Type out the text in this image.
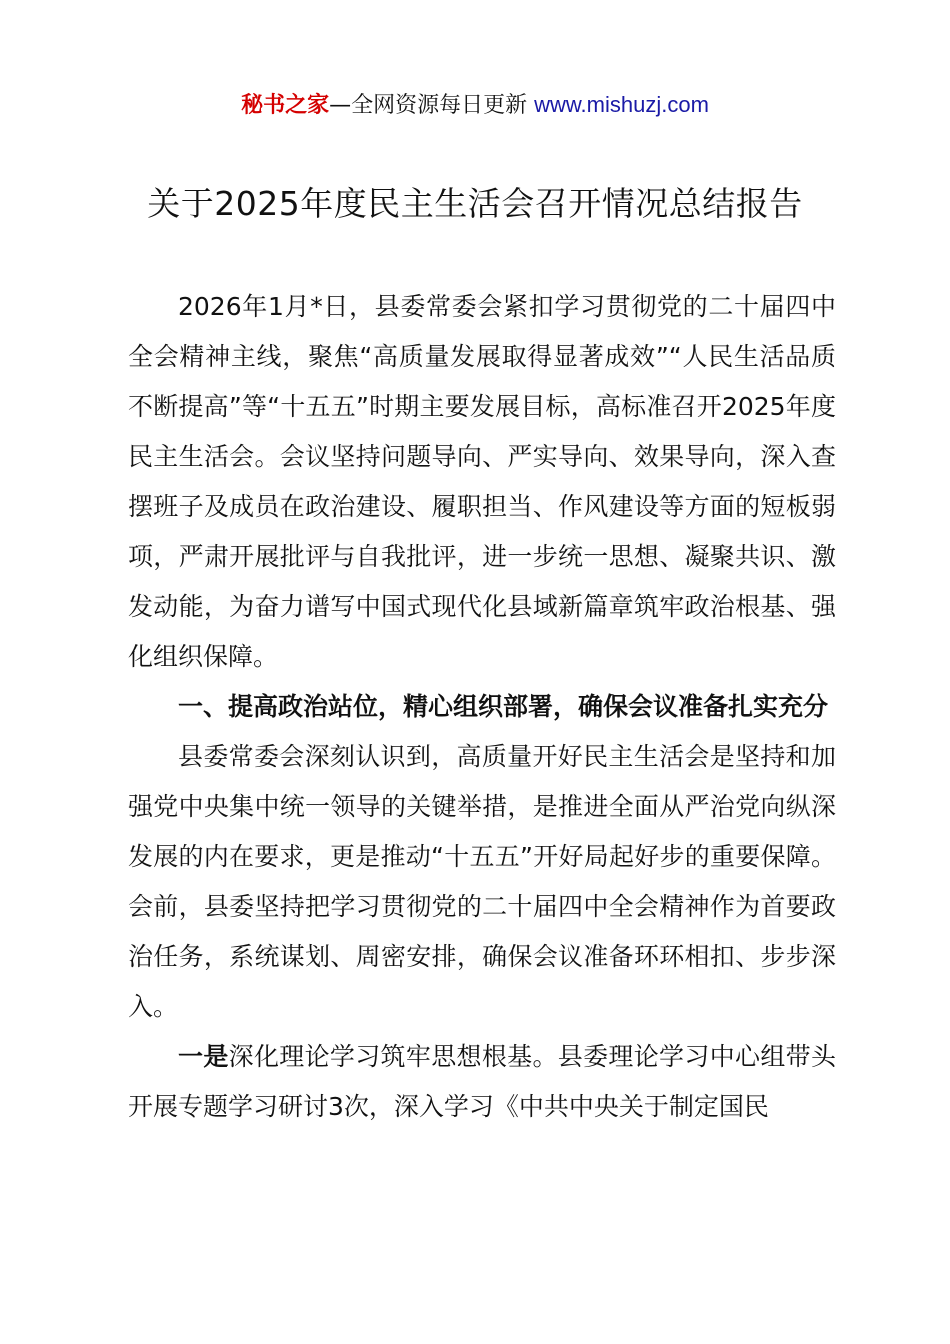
秘书之家—全网资源每日更新 www.mishuzj.com
关于2025年度民主生活会召开情况总结报告

2026年1月*日，县委常委会紧扣学习贯彻党的二十届四中全会精神主线，聚焦“高质量发展取得显著成效”“人民生活品质不断提高”等“十五五”时期主要发展目标，高标准召开2025年度民主生活会。会议坚持问题导向、严实导向、效果导向，深入查摆班子及成员在政治建设、履职担当、作风建设等方面的短板弱项，严肃开展批评与自我批评，进一步统一思想、凝聚共识、激发动能，为奋力谱写中国式现代化县域新篇章筑牢政治根基、强化组织保障。

一、提高政治站位，精心组织部署，确保会议准备扎实充分

县委常委会深刻认识到，高质量开好民主生活会是坚持和加强党中央集中统一领导的关键举措，是推进全面从严治党向纵深发展的内在要求，更是推动“十五五”开好局起好步的重要保障。会前，县委坚持把学习贯彻党的二十届四中全会精神作为首要政治任务，系统谋划、周密安排，确保会议准备环环相扣、步步深入。

一是深化理论学习筑牢思想根基。县委理论学习中心组带头开展专题学习研讨3次，深入学习《中共中央关于制定国民
